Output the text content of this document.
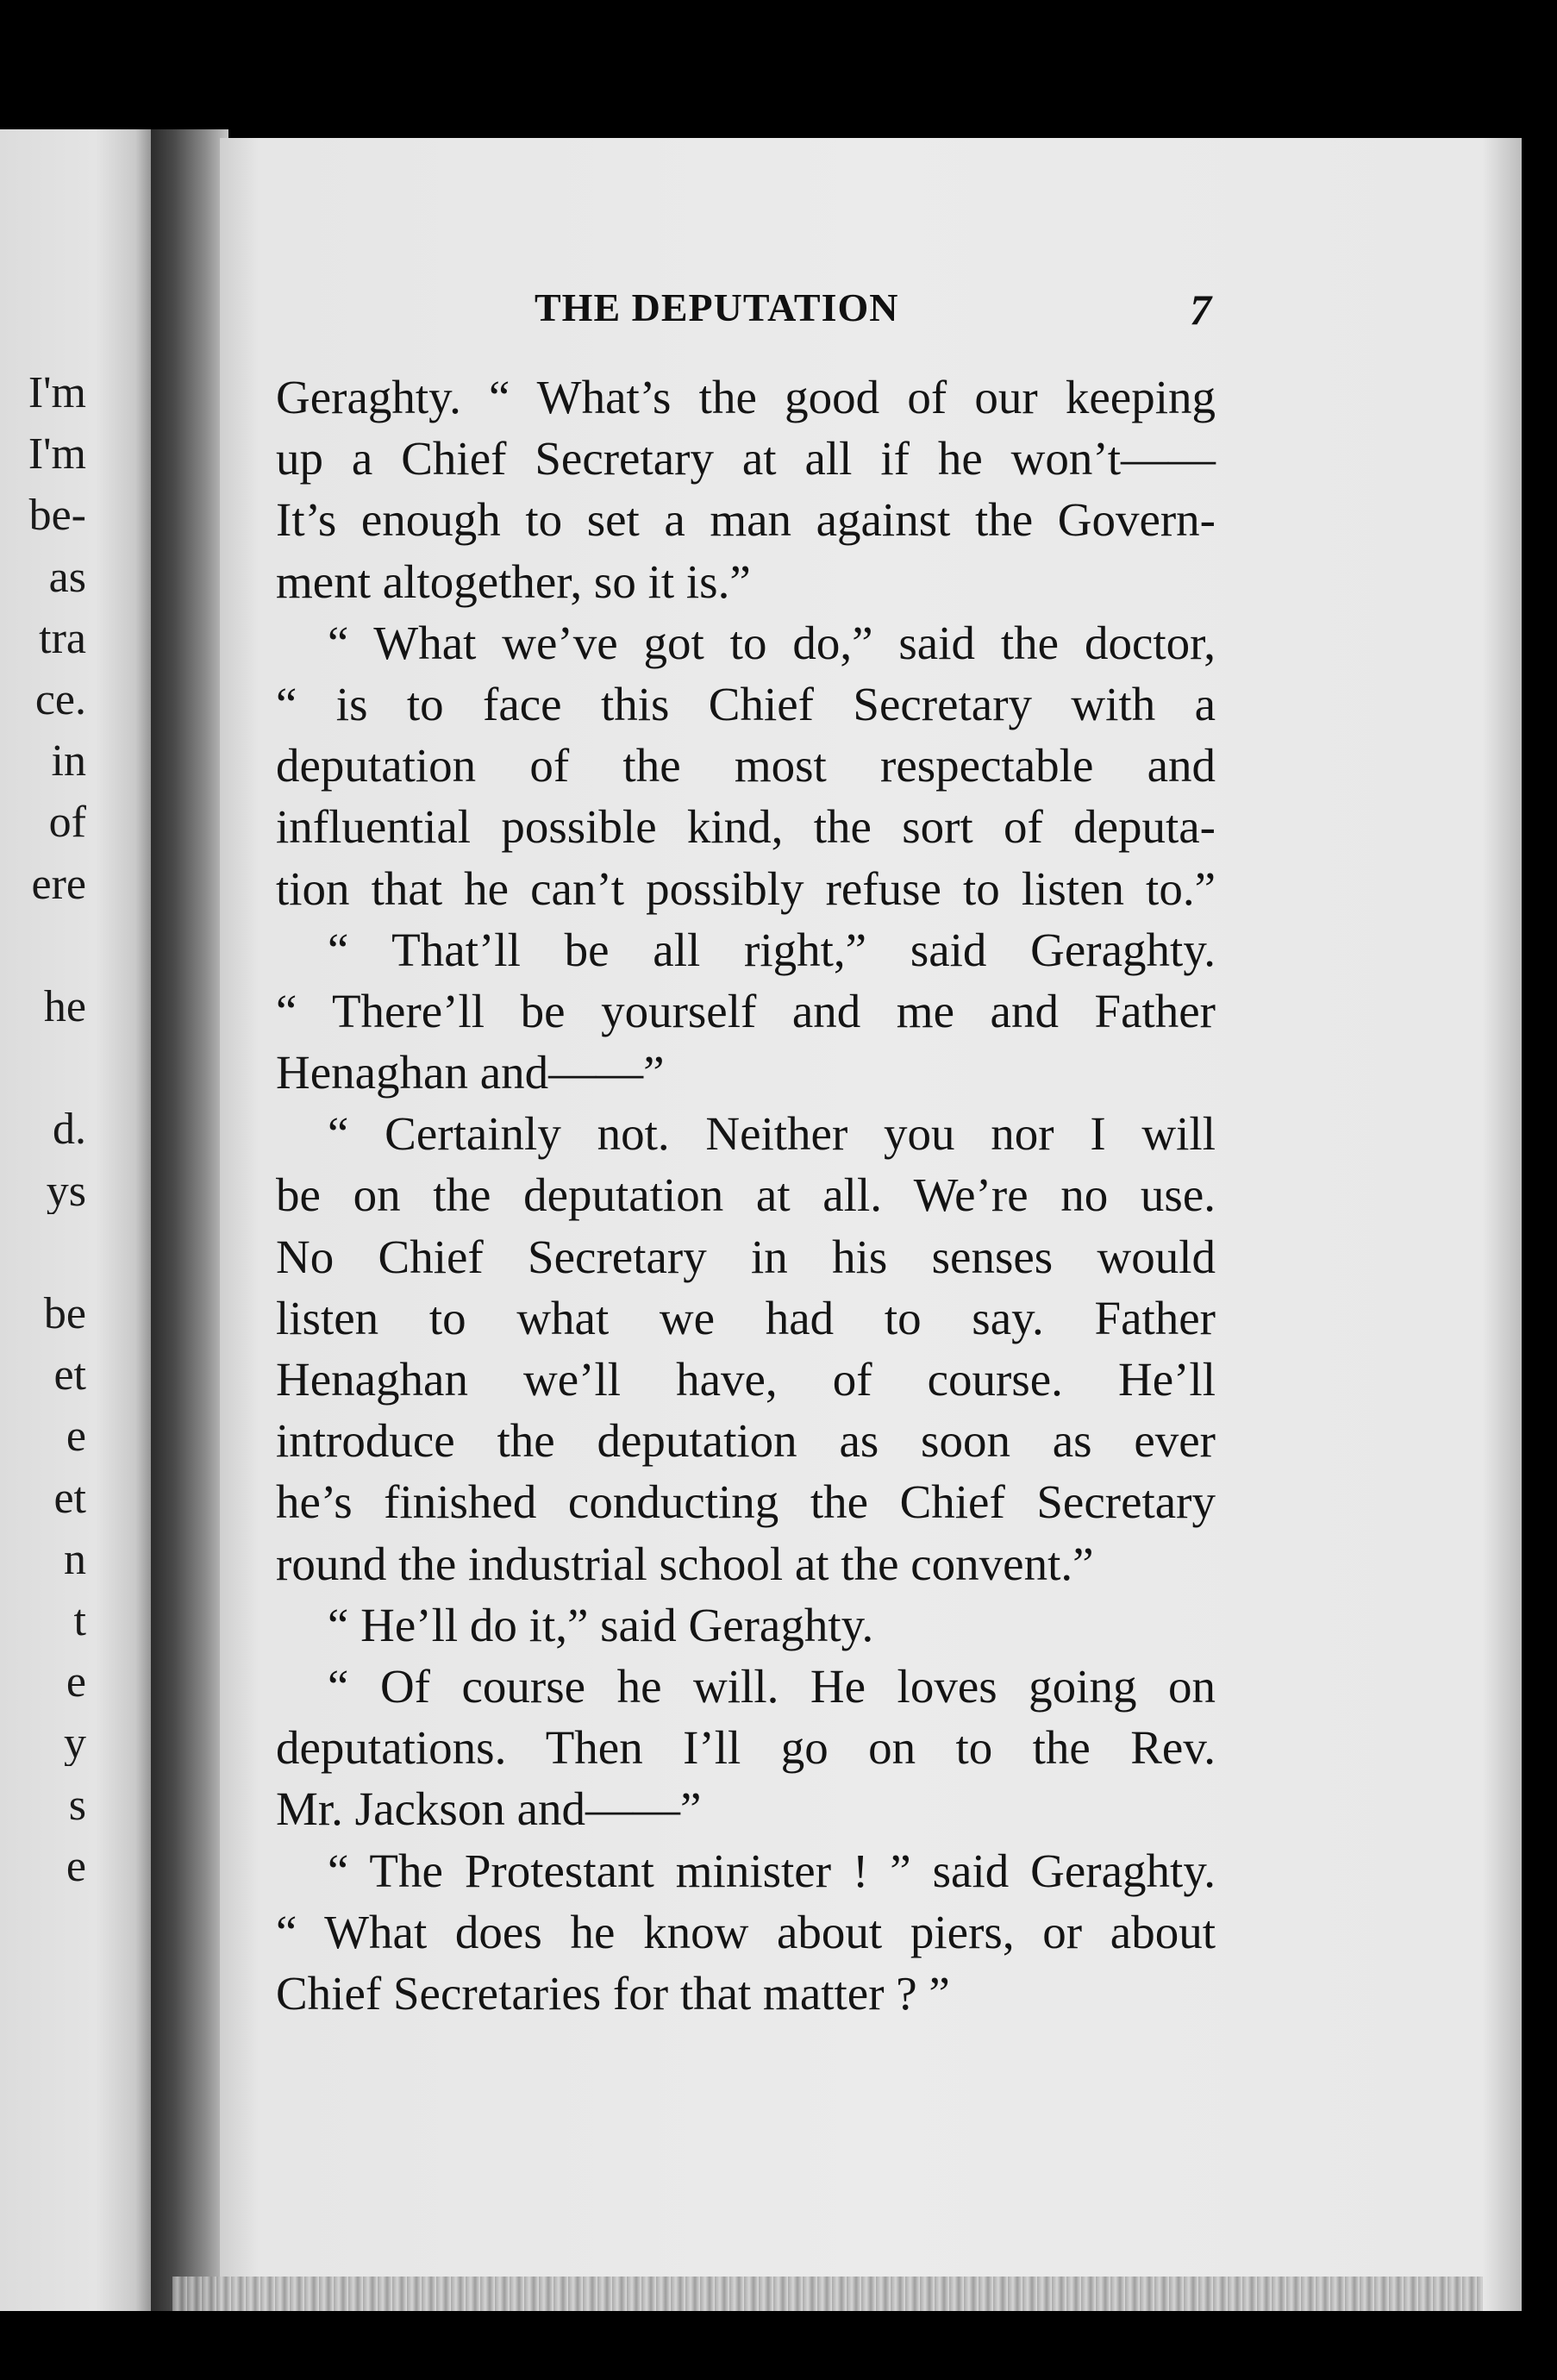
I'm
I'm
be-
as
tra
ce.
in
of
ere
he
d.
ys
be
et
e
et
n
t
e
y
s
e
THE DEPUTATION	7
Geraghty. “ What’s the good of our keeping
up a Chief Secretary at all if he won’t——
It’s enough to set a man against the Govern-
ment altogether, so it is.”
“ What we’ve got to do,” said the doctor,
“ is to face this Chief Secretary with a
deputation of the most respectable and
influential possible kind, the sort of deputa-
tion that he can’t possibly refuse to listen to.”
“ That’ll be all right,” said Geraghty.
“ There’ll be yourself and me and Father
Henaghan and——”
“ Certainly not. Neither you nor I will
be on the deputation at all. We’re no use.
No Chief Secretary in his senses would
listen to what we had to say. Father
Henaghan we’ll have, of course. He’ll
introduce the deputation as soon as ever
he’s finished conducting the Chief Secretary
round the industrial school at the convent.”
“ He’ll do it,” said Geraghty.
“ Of course he will. He loves going on
deputations. Then I’ll go on to the Rev.
Mr. Jackson and——”
“ The Protestant minister ! ” said Geraghty.
“ What does he know about piers, or about
Chief Secretaries for that matter ? ”
